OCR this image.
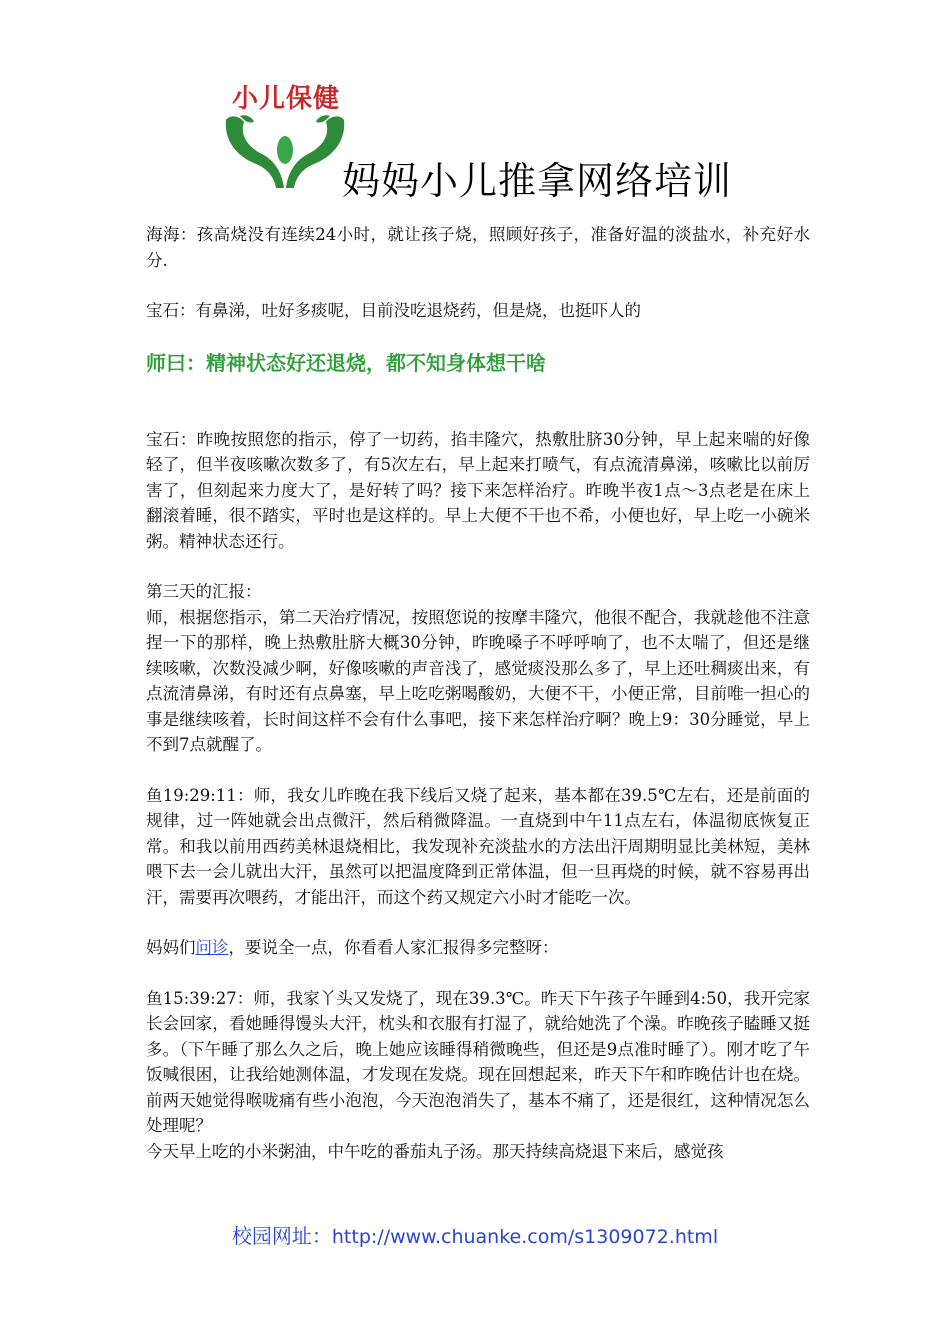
小儿保健
妈妈小儿推拿网络培训

海海：孩高烧没有连续24小时，就让孩子烧，照顾好孩子，准备好温的淡盐水，补充好水分.

宝石：有鼻涕，吐好多痰呢，目前没吃退烧药，但是烧，也挺吓人的

师曰：精神状态好还退烧，都不知身体想干啥

宝石：昨晚按照您的指示，停了一切药，掐丰隆穴，热敷肚脐30分钟，早上起来喘的好像轻了，但半夜咳嗽次数多了，有5次左右，早上起来打喷气，有点流清鼻涕，咳嗽比以前厉害了，但刻起来力度大了，是好转了吗？接下来怎样治疗。昨晚半夜1点～3点老是在床上翻滚着睡，很不踏实，平时也是这样的。早上大便不干也不希，小便也好，早上吃一小碗米粥。精神状态还行。

第三天的汇报：

师，根据您指示，第二天治疗情况，按照您说的按摩丰隆穴，他很不配合，我就趁他不注意捏一下的那样，晚上热敷肚脐大概30分钟，昨晚嗓子不呼呼响了，也不太喘了，但还是继续咳嗽，次数没减少啊，好像咳嗽的声音浅了，感觉痰没那么多了，早上还吐稠痰出来，有点流清鼻涕，有时还有点鼻塞，早上吃吃粥喝酸奶，大便不干，小便正常，目前唯一担心的事是继续咳着，长时间这样不会有什么事吧，接下来怎样治疗啊？晚上9：30分睡觉，早上不到7点就醒了。

鱼19:29:11：师，我女儿昨晚在我下线后又烧了起来，基本都在39.5℃左右，还是前面的规律，过一阵她就会出点微汗，然后稍微降温。一直烧到中午11点左右，体温彻底恢复正常。和我以前用西药美林退烧相比，我发现补充淡盐水的方法出汗周期明显比美林短，美林喂下去一会儿就出大汗，虽然可以把温度降到正常体温，但一旦再烧的时候，就不容易再出汗，需要再次喂药，才能出汗，而这个药又规定六小时才能吃一次。

妈妈们问诊，要说全一点，你看看人家汇报得多完整呀：

鱼15:39:27：师，我家丫头又发烧了，现在39.3℃。昨天下午孩子午睡到4:50，我开完家长会回家，看她睡得馒头大汗，枕头和衣服有打湿了，就给她洗了个澡。昨晚孩子瞌睡又挺多。（下午睡了那么久之后，晚上她应该睡得稍微晚些，但还是9点准时睡了）。刚才吃了午饭喊很困，让我给她测体温，才发现在发烧。现在回想起来，昨天下午和昨晚估计也在烧。前两天她觉得喉咙痛有些小泡泡，今天泡泡消失了，基本不痛了，还是很红，这种情况怎么处理呢？

今天早上吃的小米粥油，中午吃的番茄丸子汤。那天持续高烧退下来后，感觉孩

校园网址：http://www.chuanke.com/s1309072.html
